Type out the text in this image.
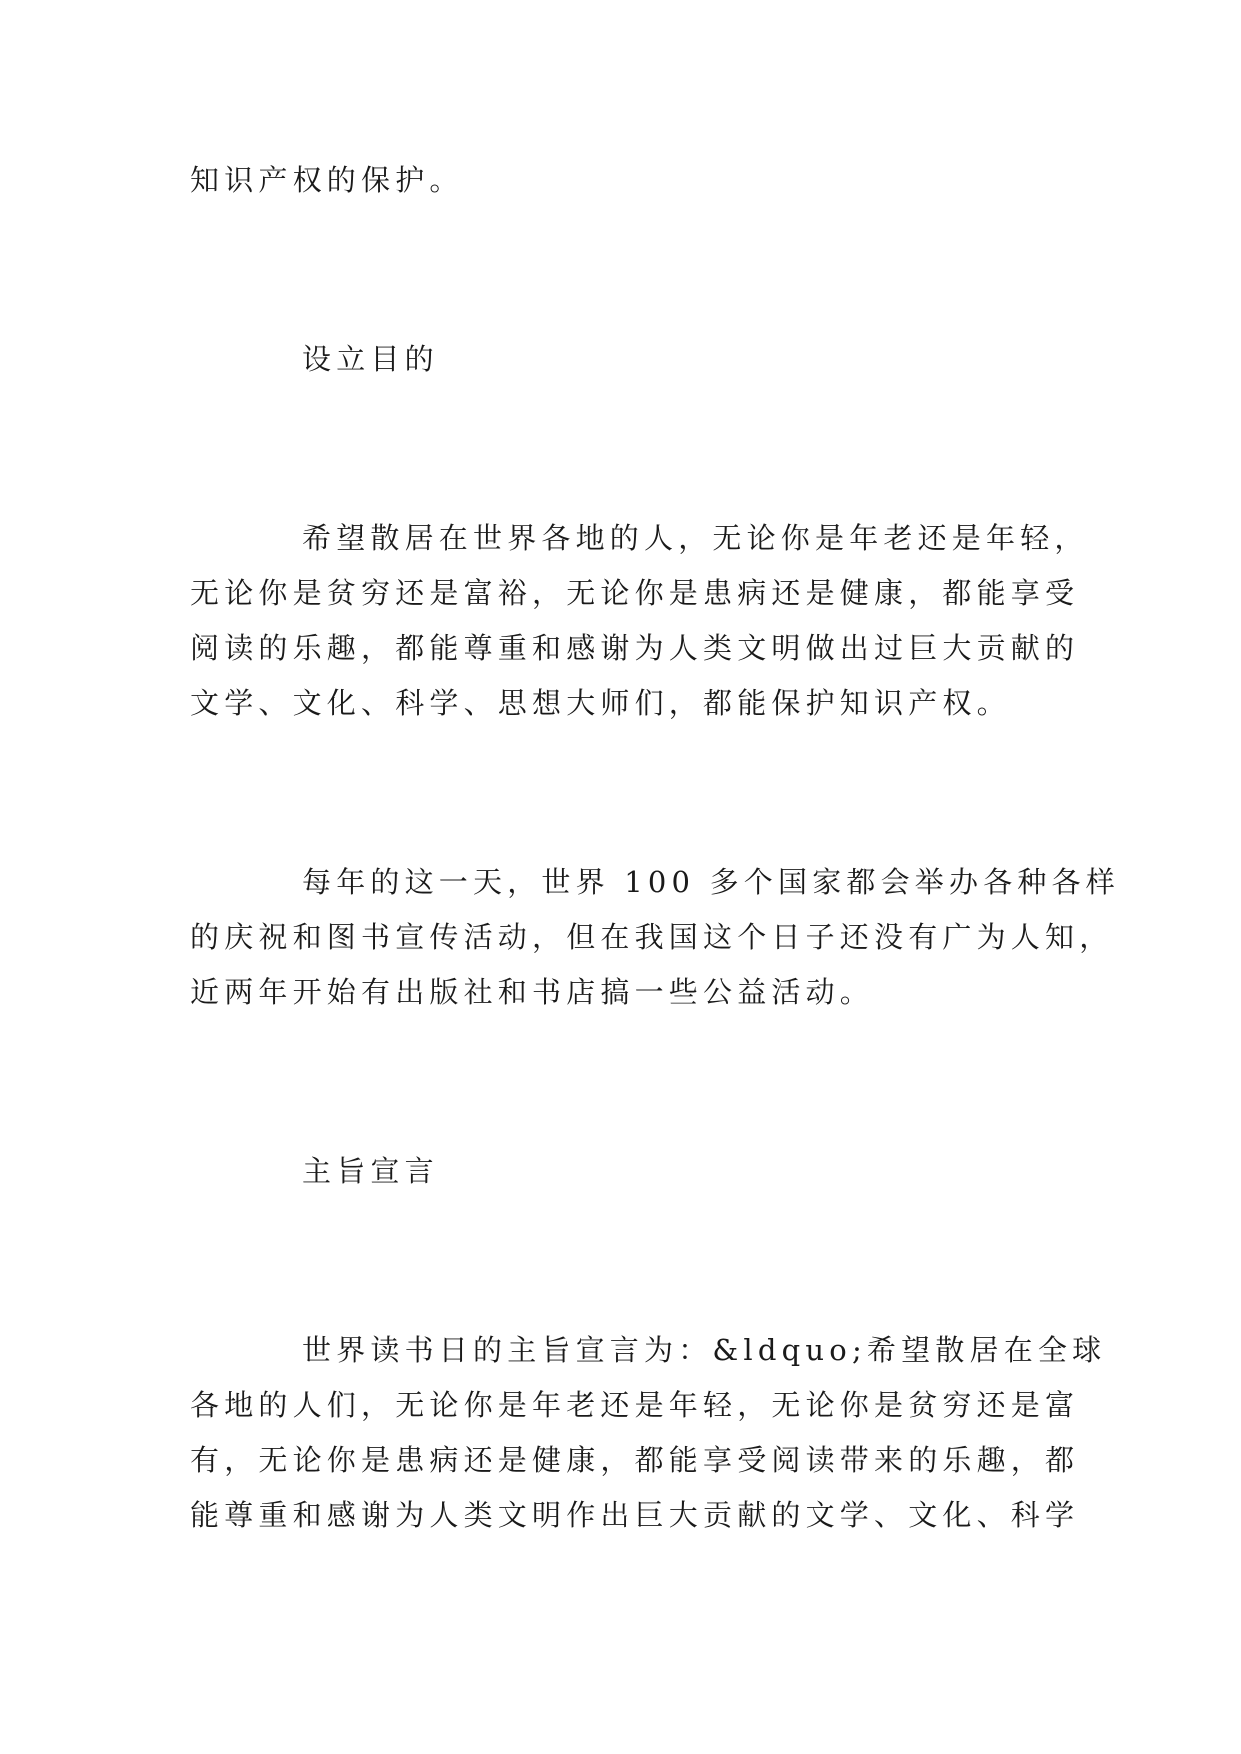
知识产权的保护。

设立目的

希望散居在世界各地的人，无论你是年老还是年轻，

无论你是贫穷还是富裕，无论你是患病还是健康，都能享受

阅读的乐趣，都能尊重和感谢为人类文明做出过巨大贡献的

文学、文化、科学、思想大师们，都能保护知识产权。

每年的这一天，世界 100 多个国家都会举办各种各样

的庆祝和图书宣传活动，但在我国这个日子还没有广为人知，

近两年开始有出版社和书店搞一些公益活动。

主旨宣言

世界读书日的主旨宣言为：&ldquo;希望散居在全球

各地的人们，无论你是年老还是年轻，无论你是贫穷还是富

有，无论你是患病还是健康，都能享受阅读带来的乐趣，都

能尊重和感谢为人类文明作出巨大贡献的文学、文化、科学
